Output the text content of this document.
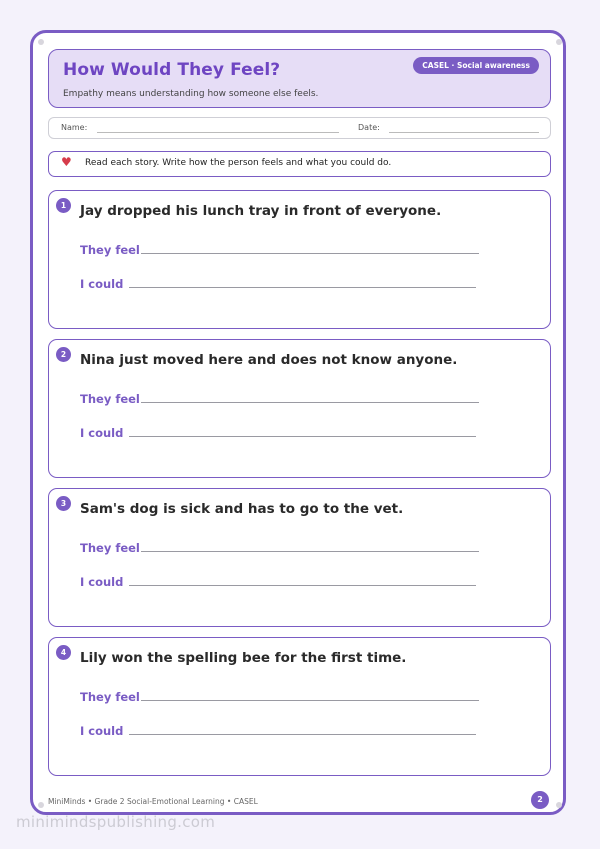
How Would They Feel?
Empathy means understanding how someone else feels.
CASEL · Social awareness
Name:	Date:
♥ Read each story. Write how the person feels and what you could do.
1	Jay dropped his lunch tray in front of everyone.
They feel
I could
2	Nina just moved here and does not know anyone.
They feel
I could
3	Sam's dog is sick and has to go to the vet.
They feel
I could
4	Lily won the spelling bee for the first time.
They feel
I could
MiniMinds • Grade 2 Social-Emotional Learning • CASEL	2
minimindspublishing.com
